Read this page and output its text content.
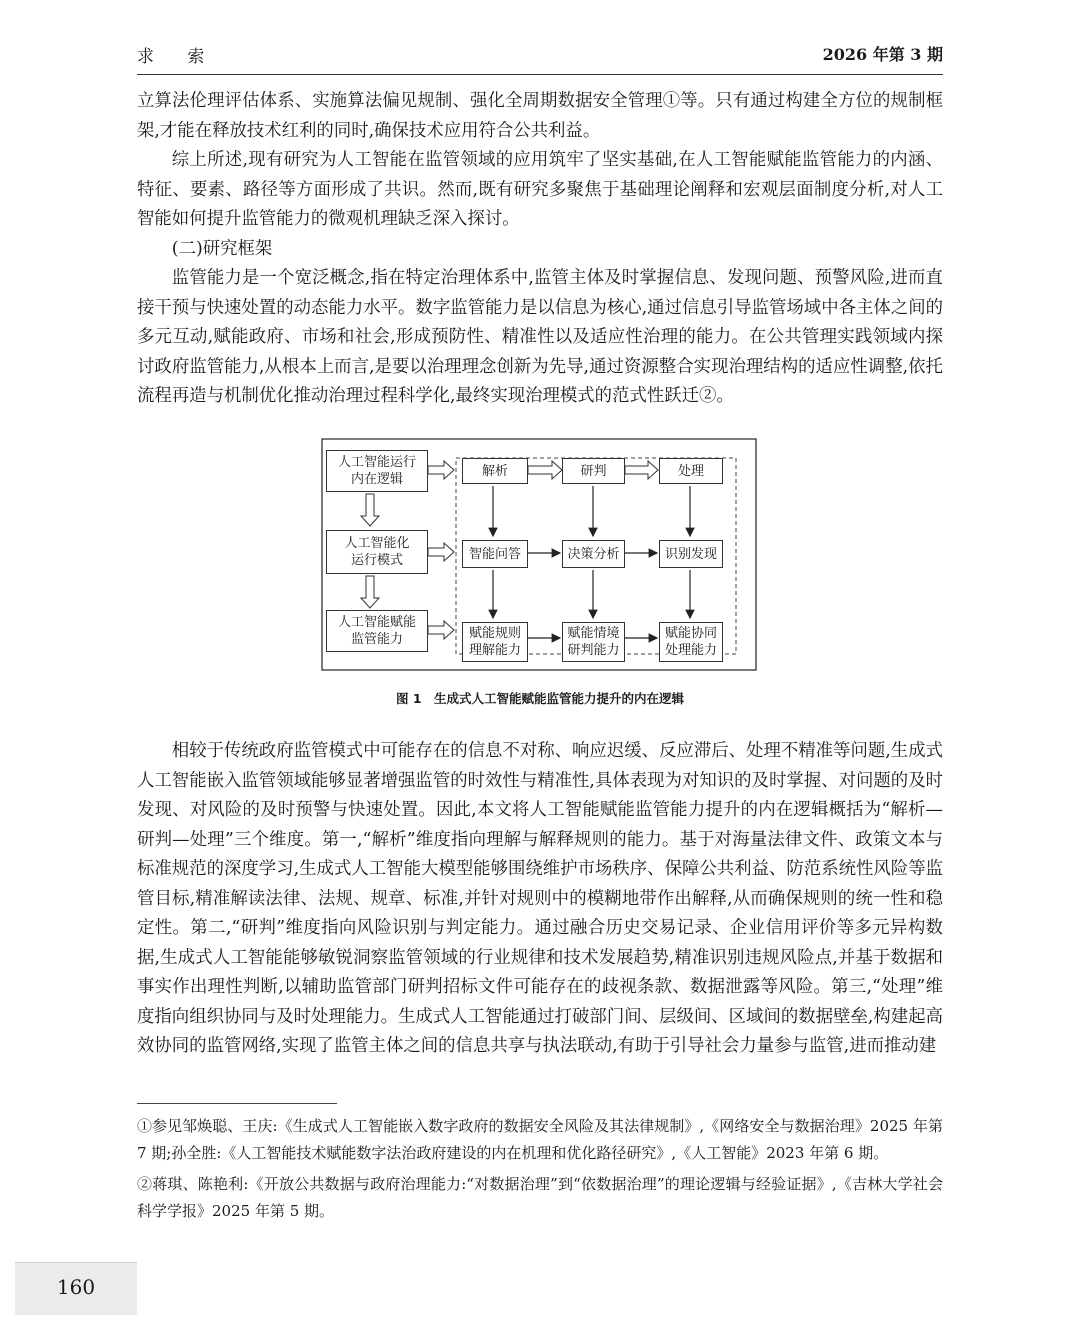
求 索	2026 年第 3 期

立算法伦理评估体系、实施算法偏见规制、强化全周期数据安全管理①等。只有通过构建全方位的规制框架,才能在释放技术红利的同时,确保技术应用符合公共利益。

综上所述,现有研究为人工智能在监管领域的应用筑牢了坚实基础,在人工智能赋能监管能力的内涵、特征、要素、路径等方面形成了共识。然而,既有研究多聚焦于基础理论阐释和宏观层面制度分析,对人工智能如何提升监管能力的微观机理缺乏深入探讨。

(二)研究框架

监管能力是一个宽泛概念,指在特定治理体系中,监管主体及时掌握信息、发现问题、预警风险,进而直接干预与快速处置的动态能力水平。数字监管能力是以信息为核心,通过信息引导监管场域中各主体之间的多元互动,赋能政府、市场和社会,形成预防性、精准性以及适应性治理的能力。在公共管理实践领域内探讨政府监管能力,从根本上而言,是要以治理理念创新为先导,通过资源整合实现治理结构的适应性调整,依托流程再造与机制优化推动治理过程科学化,最终实现治理模式的范式性跃迁②。

人工智能运行
内在逻辑
人工智能化
运行模式
人工智能赋能
监管能力
解析	研判	处理
智能问答	决策分析	识别发现
赋能规则
理解能力
赋能情境
研判能力
赋能协同
处理能力
图 1　生成式人工智能赋能监管能力提升的内在逻辑

相较于传统政府监管模式中可能存在的信息不对称、响应迟缓、反应滞后、处理不精准等问题,生成式人工智能嵌入监管领域能够显著增强监管的时效性与精准性,具体表现为对知识的及时掌握、对问题的及时发现、对风险的及时预警与快速处置。因此,本文将人工智能赋能监管能力提升的内在逻辑概括为“解析—研判—处理”三个维度。第一,“解析”维度指向理解与解释规则的能力。基于对海量法律文件、政策文本与标准规范的深度学习,生成式人工智能大模型能够围绕维护市场秩序、保障公共利益、防范系统性风险等监管目标,精准解读法律、法规、规章、标准,并针对规则中的模糊地带作出解释,从而确保规则的统一性和稳定性。第二,“研判”维度指向风险识别与判定能力。通过融合历史交易记录、企业信用评价等多元异构数据,生成式人工智能能够敏锐洞察监管领域的行业规律和技术发展趋势,精准识别违规风险点,并基于数据和事实作出理性判断,以辅助监管部门研判招标文件可能存在的歧视条款、数据泄露等风险。第三,“处理”维度指向组织协同与及时处理能力。生成式人工智能通过打破部门间、层级间、区域间的数据壁垒,构建起高效协同的监管网络,实现了监管主体之间的信息共享与执法联动,有助于引导社会力量参与监管,进而推动建

①参见邹焕聪、王庆:《生成式人工智能嵌入数字政府的数据安全风险及其法律规制》,《网络安全与数据治理》2025 年第 7 期;孙全胜:《人工智能技术赋能数字法治政府建设的内在机理和优化路径研究》,《人工智能》2023 年第 6 期。

②蒋琪、陈艳利:《开放公共数据与政府治理能力:“对数据治理”到“依数据治理”的理论逻辑与经验证据》,《吉林大学社会科学学报》2025 年第 5 期。

160
